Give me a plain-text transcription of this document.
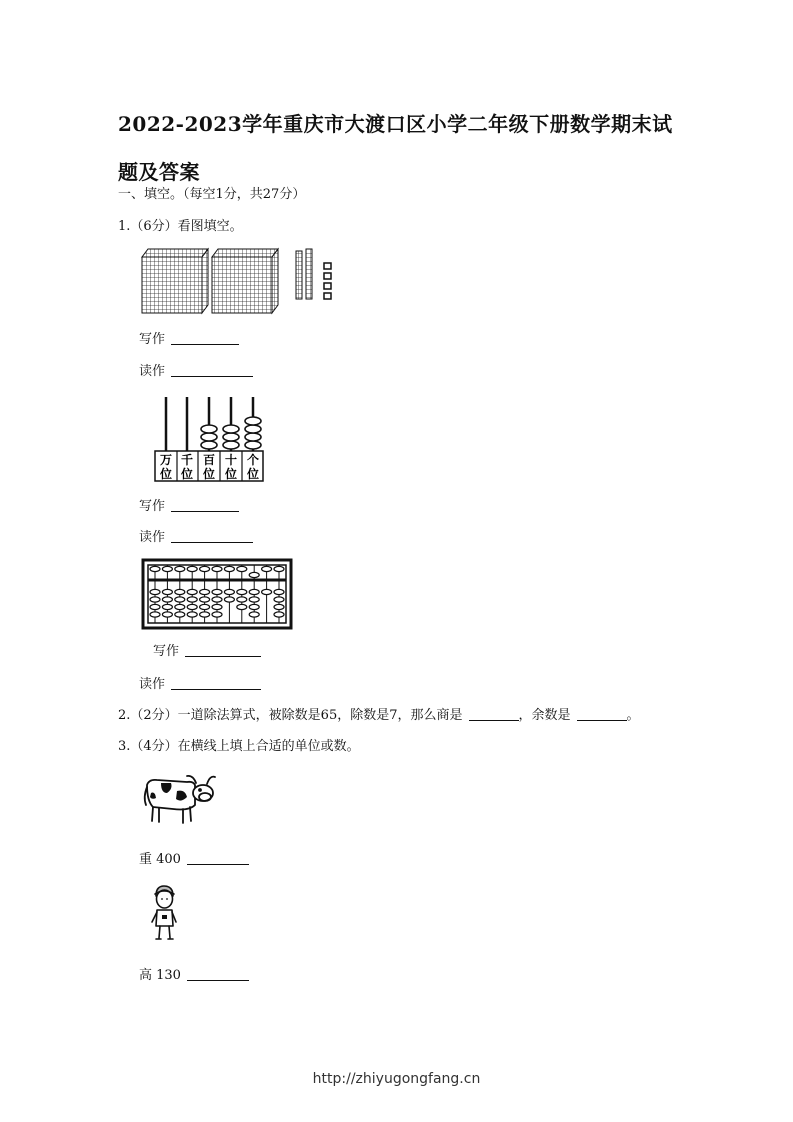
2022-2023学年重庆市大渡口区小学二年级下册数学期末试题及答案
一、填空。（每空1分，共27分）
1.（6分）看图填空。
写作
读作
万
位
千
位
百
位
十
位
个
位
写作
读作
写作
读作
2.（2分）一道除法算式，被除数是65，除数是7，那么商是	，余数是	。
3.（4分）在横线上填上合适的单位或数。
重 400
高 130
http://zhiyugongfang.cn
